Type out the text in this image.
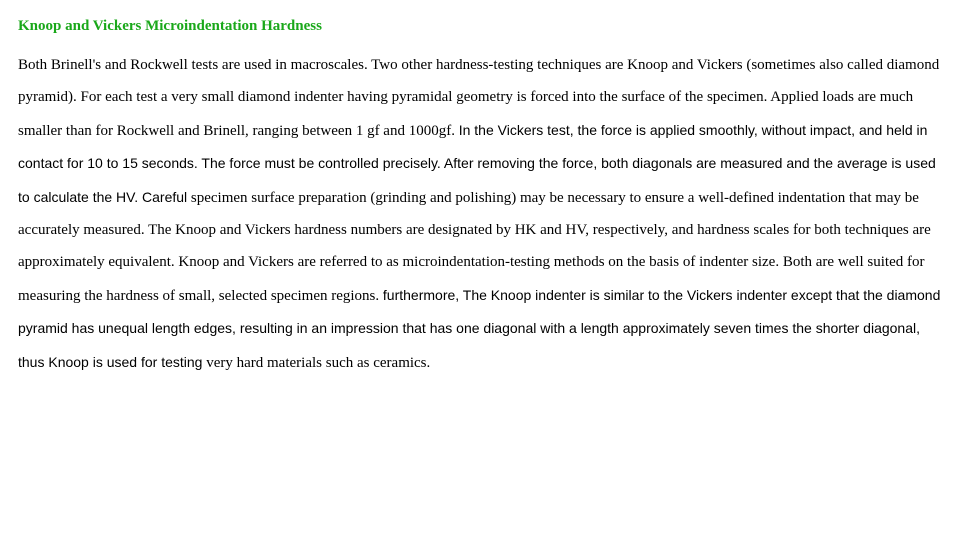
Knoop and Vickers Microindentation Hardness

Both Brinell's and Rockwell tests are used in macroscales. Two other hardness-testing techniques are Knoop and Vickers (sometimes also called diamond pyramid). For each test a very small diamond indenter having pyramidal geometry is forced into the surface of the specimen. Applied loads are much smaller than for Rockwell and Brinell, ranging between 1 gf and 1000gf. In the Vickers test, the force is applied smoothly, without impact, and held in contact for 10 to 15 seconds. The force must be controlled precisely. After removing the force, both diagonals are measured and the average is used to calculate the HV. Careful specimen surface preparation (grinding and polishing) may be necessary to ensure a well-defined indentation that may be accurately measured. The Knoop and Vickers hardness numbers are designated by HK and HV, respectively, and hardness scales for both techniques are approximately equivalent. Knoop and Vickers are referred to as microindentation-testing methods on the basis of indenter size. Both are well suited for measuring the hardness of small, selected specimen regions. furthermore, The Knoop indenter is similar to the Vickers indenter except that the diamond pyramid has unequal length edges, resulting in an impression that has one diagonal with a length approximately seven times the shorter diagonal, thus Knoop is used for testing very hard materials such as ceramics.
